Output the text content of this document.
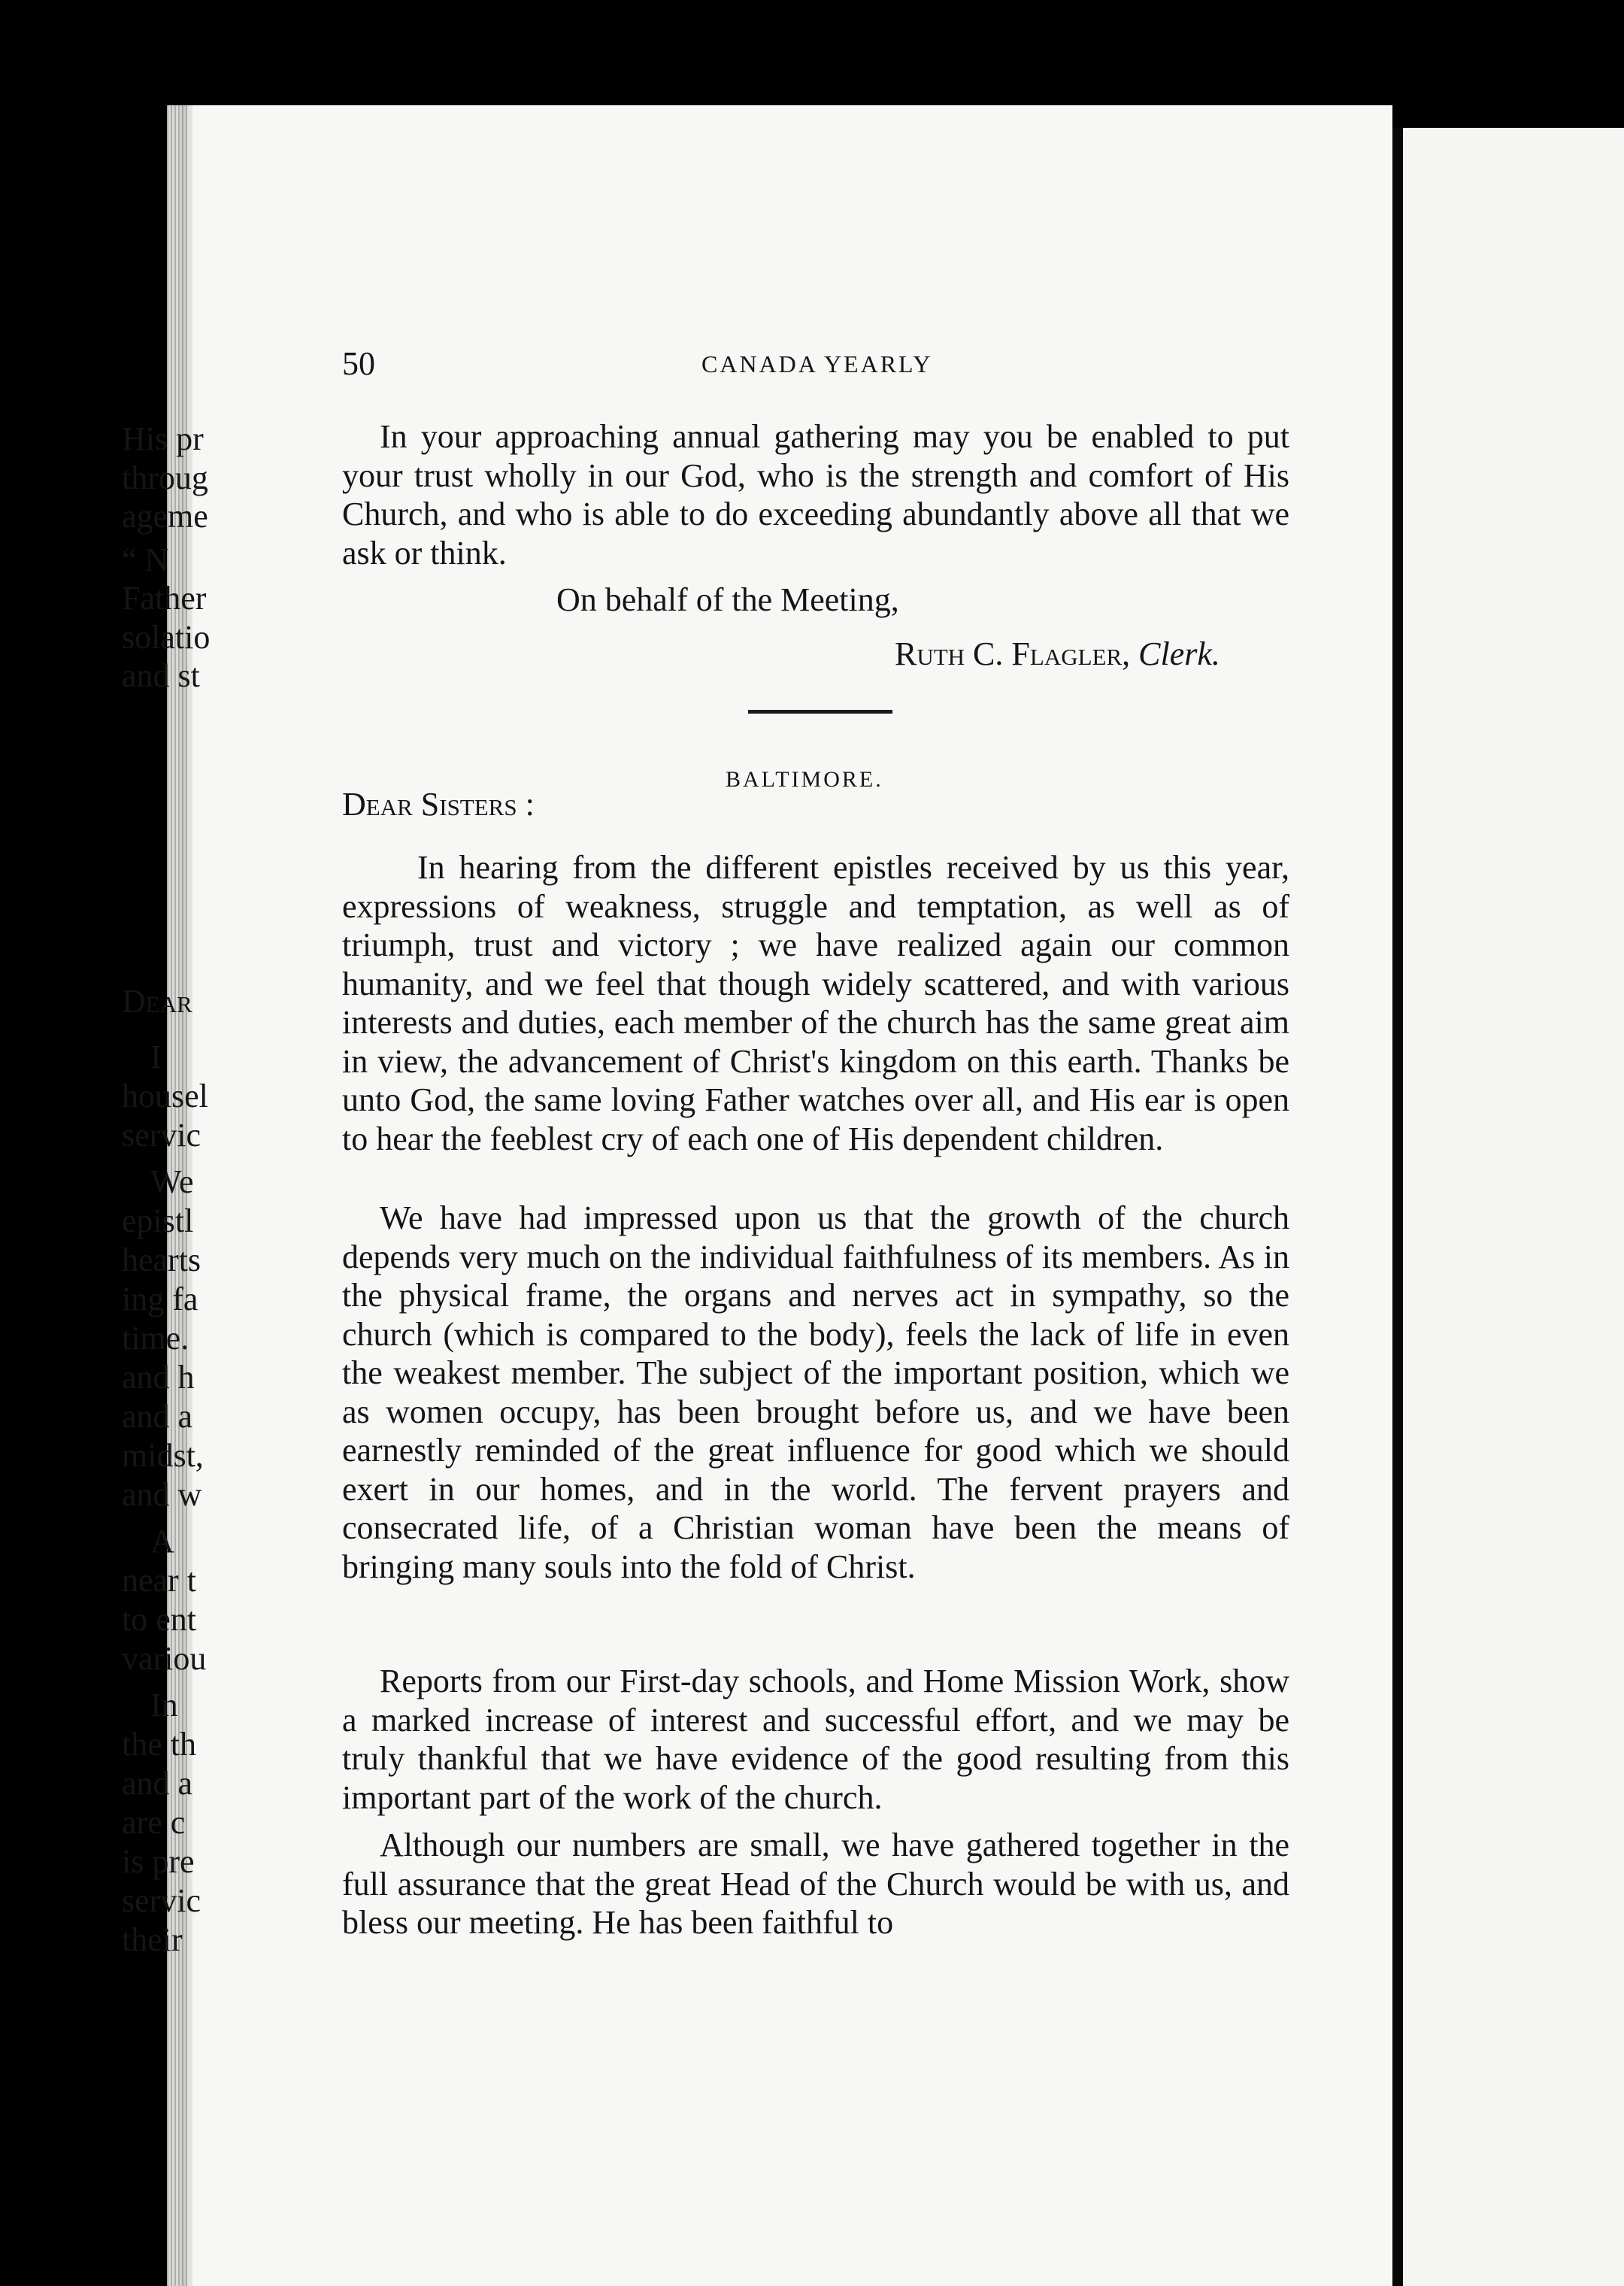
50	CANADA YEARLY
In your approaching annual gathering may you be enabled to put your trust wholly in our God, who is the strength and comfort of His Church, and who is able to do exceeding abundantly above all that we ask or think.
On behalf of the Meeting,
Ruth C. Flagler, Clerk.
BALTIMORE.
Dear Sisters :
In hearing from the different epistles received by us this year, expressions of weakness, struggle and temptation, as well as of triumph, trust and victory ; we have realized again our common humanity, and we feel that though widely scattered, and with various interests and duties, each member of the church has the same great aim in view, the advancement of Christ's kingdom on this earth. Thanks be unto God, the same loving Father watches over all, and His ear is open to hear the feeblest cry of each one of His dependent children.
We have had impressed upon us that the growth of the church depends very much on the individual faithfulness of its members. As in the physical frame, the organs and nerves act in sympathy, so the church (which is compared to the body), feels the lack of life in even the weakest member. The subject of the important position, which we as women occupy, has been brought before us, and we have been earnestly reminded of the great influence for good which we should exert in our homes, and in the world. The fervent prayers and consecrated life, of a Christian woman have been the means of bringing many souls into the fold of Christ.
Reports from our First-day schools, and Home Mission Work, show a marked increase of interest and successful effort, and we may be truly thankful that we have evidence of the good resulting from this important part of the work of the church.
Although our numbers are small, we have gathered together in the full assurance that the great Head of the Church would be with us, and bless our meeting. He has been faithful to
His pr
throug
ageme
“ N
Father
solatio
and st
Dear
I
housel
servic
We
epistl
hearts
ing fa
time.
and h
and a
midst,
and w
A
near t
to ent
variou
In
the th
and a
are c
is pre
servic
their
